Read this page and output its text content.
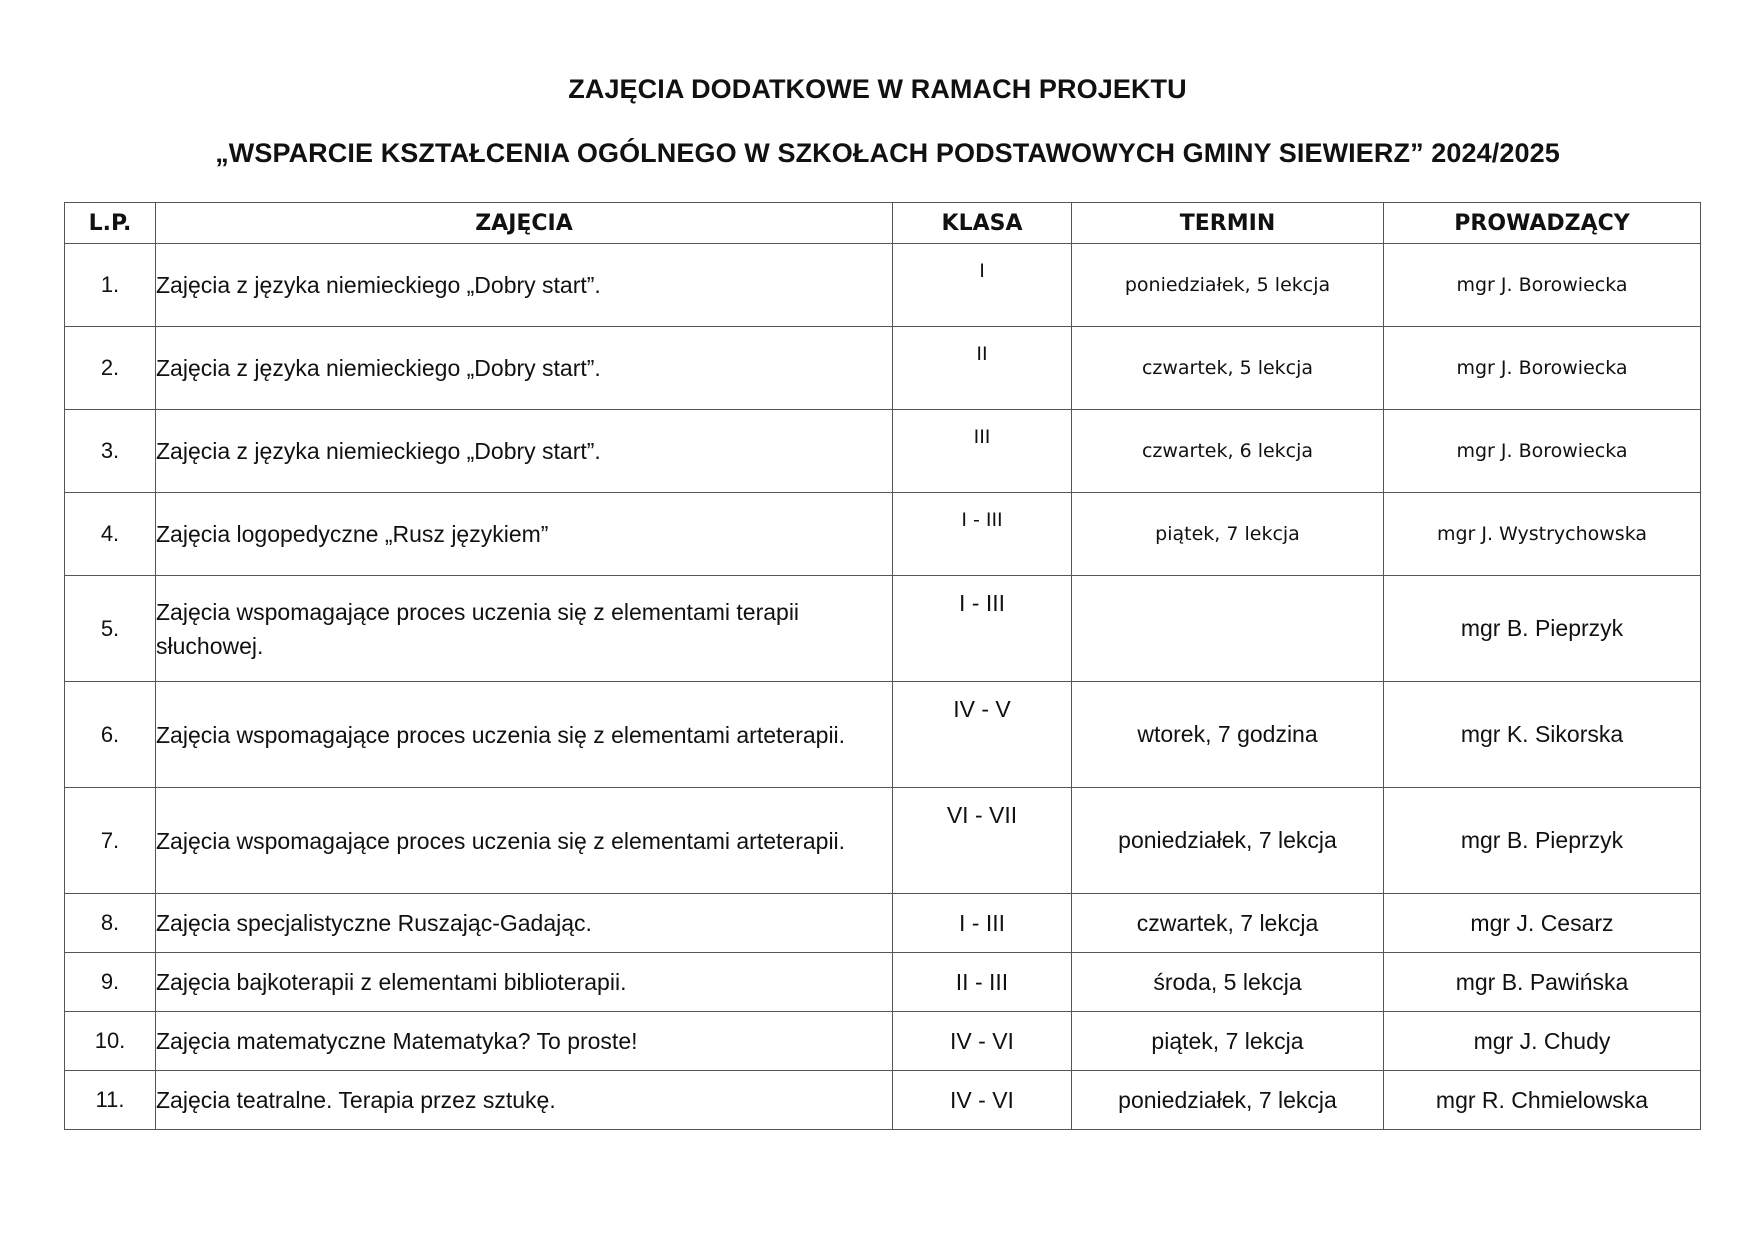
ZAJĘCIA DODATKOWE W RAMACH PROJEKTU
„WSPARCIE KSZTAŁCENIA OGÓLNEGO W SZKOŁACH PODSTAWOWYCH GMINY SIEWIERZ” 2024/2025
L.P.	ZAJĘCIA	KLASA	TERMIN	PROWADZĄCY
1.	Zajęcia z języka niemieckiego „Dobry start”.	I	poniedziałek, 5 lekcja	mgr J. Borowiecka
2.	Zajęcia z języka niemieckiego „Dobry start”.	II	czwartek, 5 lekcja	mgr J. Borowiecka
3.	Zajęcia z języka niemieckiego „Dobry start”.	III	czwartek, 6 lekcja	mgr J. Borowiecka
4.	Zajęcia logopedyczne „Rusz językiem”	I - III	piątek, 7 lekcja	mgr J. Wystrychowska
5.	Zajęcia wspomagające proces uczenia się z elementami terapii słuchowej.	I - III		mgr B. Pieprzyk
6.	Zajęcia wspomagające proces uczenia się z elementami arteterapii.	IV - V	wtorek, 7 godzina	mgr K. Sikorska
7.	Zajęcia wspomagające proces uczenia się z elementami arteterapii.	VI - VII	poniedziałek, 7 lekcja	mgr B. Pieprzyk
8.	Zajęcia specjalistyczne Ruszając-Gadając.	I - III	czwartek, 7 lekcja	mgr J. Cesarz
9.	Zajęcia bajkoterapii z elementami biblioterapii.	II - III	środa, 5 lekcja	mgr B. Pawińska
10.	Zajęcia matematyczne Matematyka? To proste!	IV - VI	piątek, 7 lekcja	mgr J. Chudy
11.	Zajęcia teatralne. Terapia przez sztukę.	IV - VI	poniedziałek, 7 lekcja	mgr R. Chmielowska
